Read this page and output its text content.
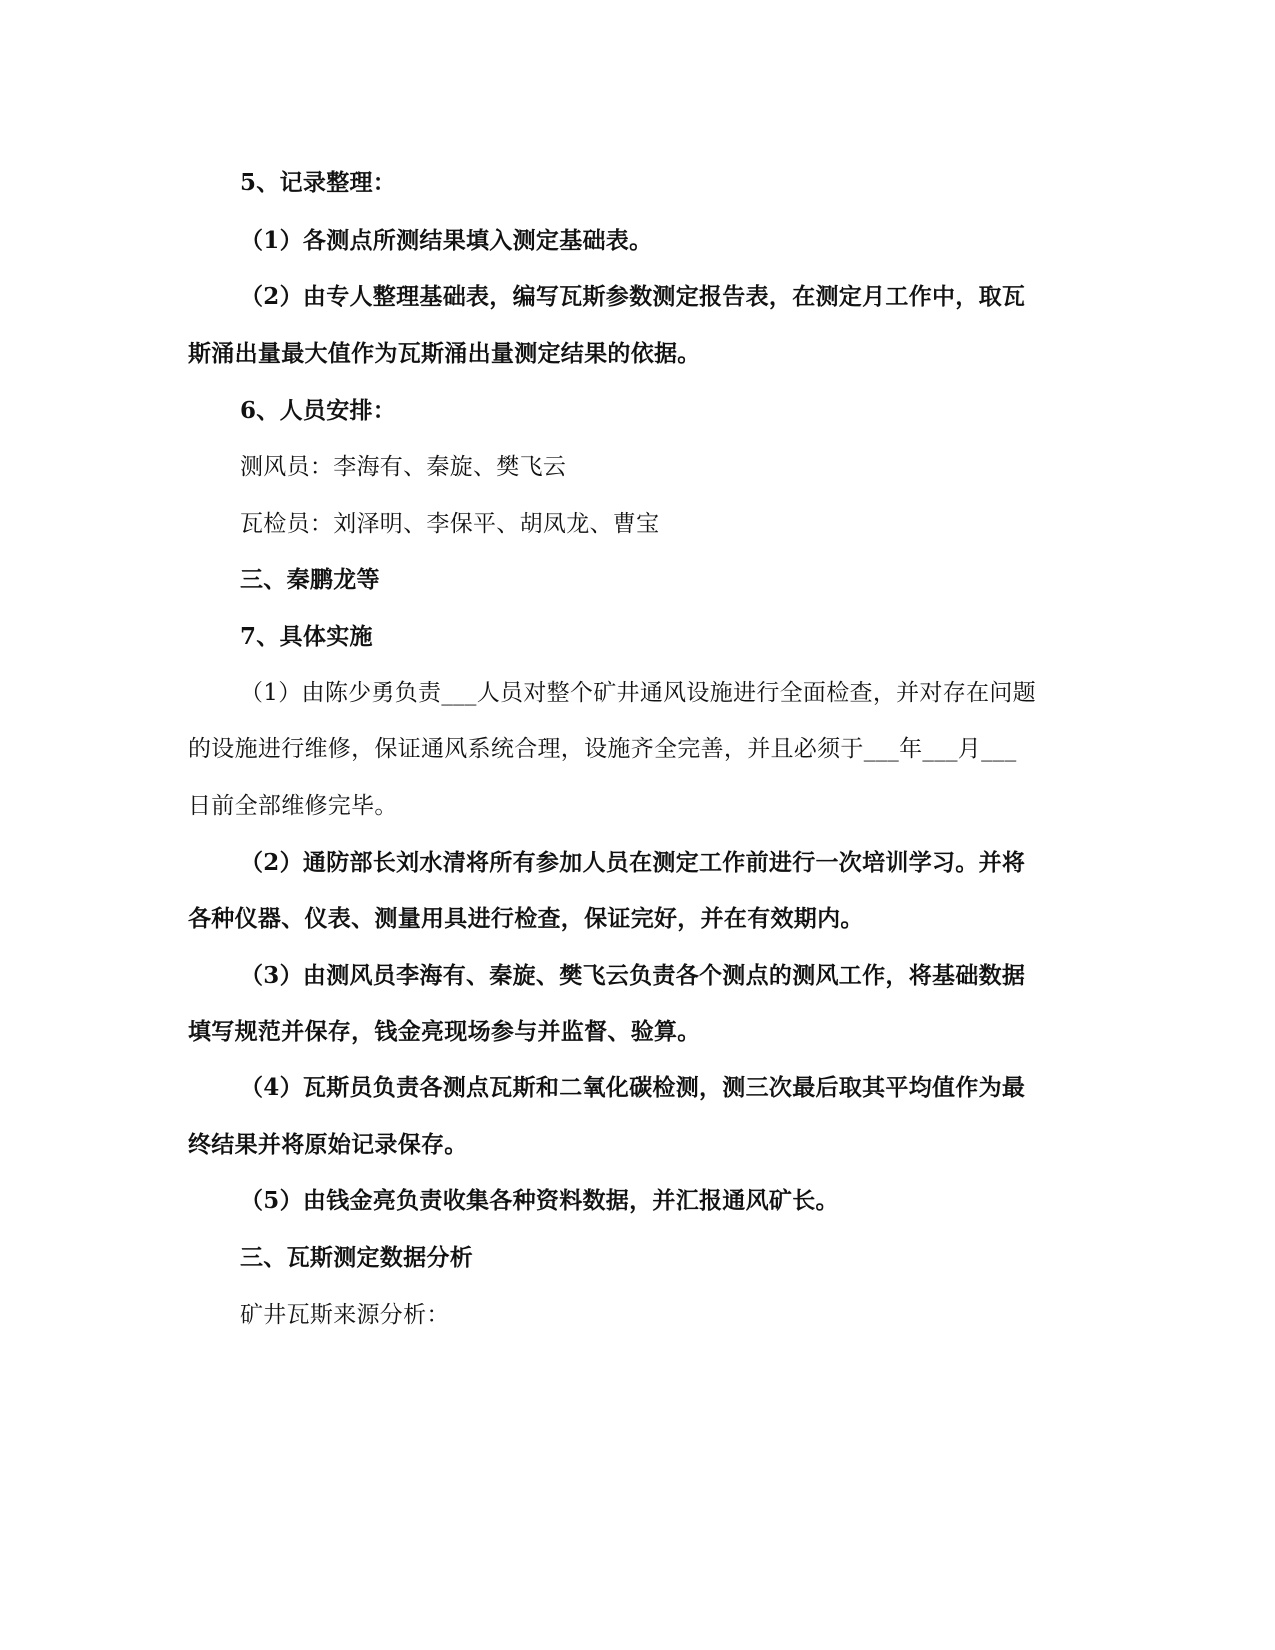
5、记录整理：
（1）各测点所测结果填入测定基础表。
（2）由专人整理基础表，编写瓦斯参数测定报告表，在测定月工作中，取瓦
斯涌出量最大值作为瓦斯涌出量测定结果的依据。
6、人员安排：
测风员：李海有、秦旋、樊飞云
瓦检员：刘泽明、李保平、胡凤龙、曹宝
三、秦鹏龙等
7、具体实施
（1）由陈少勇负责___人员对整个矿井通风设施进行全面检查，并对存在问题
的设施进行维修，保证通风系统合理，设施齐全完善，并且必须于___年___月___
日前全部维修完毕。
（2）通防部长刘水清将所有参加人员在测定工作前进行一次培训学习。并将
各种仪器、仪表、测量用具进行检查，保证完好，并在有效期内。
（3）由测风员李海有、秦旋、樊飞云负责各个测点的测风工作，将基础数据
填写规范并保存，钱金亮现场参与并监督、验算。
（4）瓦斯员负责各测点瓦斯和二氧化碳检测，测三次最后取其平均值作为最
终结果并将原始记录保存。
（5）由钱金亮负责收集各种资料数据，并汇报通风矿长。
三、瓦斯测定数据分析
矿井瓦斯来源分析：
